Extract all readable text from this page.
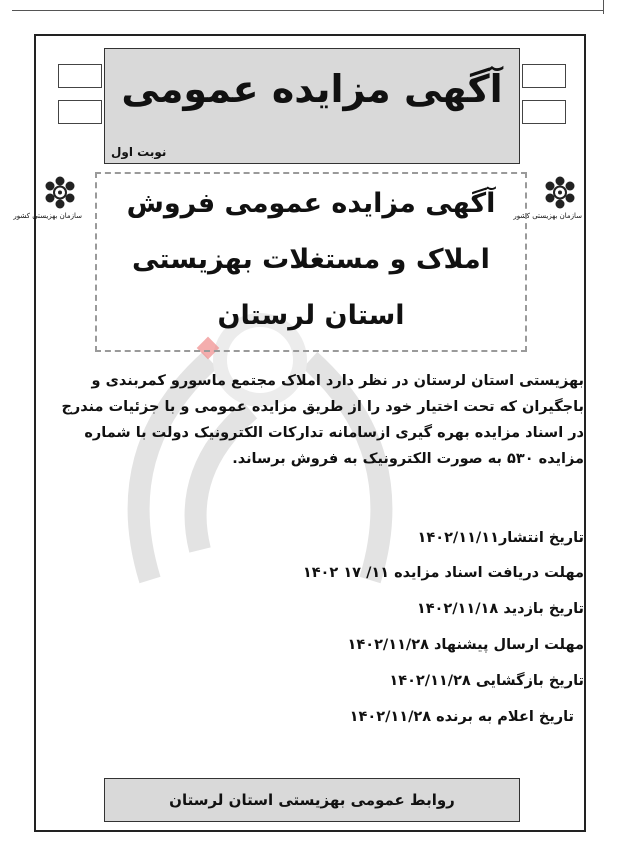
آگهی مزایده عمومی
نوبت اول
سازمان بهزیستی کشور	سازمان بهزیستی کشور
آگهی مزایده عمومی فروش
املاک و مستغلات بهزیستی
استان لرستان
بهزیستی استان لرستان در نظر دارد املاک مجتمع ماسورو کمربندی و باجگیران که تحت اختیار خود را از طریق مزایده عمومی و با جزئیات مندرج در اسناد مزایده بهره گیری ازسامانه تدارکات الکترونیک دولت با شماره مزایده ۵۳۰ به صورت الکترونیک به فروش برساند.
تاریخ انتشار۱۴۰۲/۱۱/۱۱
مهلت دریافت اسناد مزایده ۱۱/ ۱۷ ۱۴۰۲
تاریخ بازدید ۱۴۰۲/۱۱/۱۸
مهلت ارسال پیشنهاد ۱۴۰۲/۱۱/۲۸
تاریخ بازگشایی ۱۴۰۲/۱۱/۲۸
تاریخ اعلام به برنده ۱۴۰۲/۱۱/۲۸
روابط عمومی بهزیستی استان لرستان
